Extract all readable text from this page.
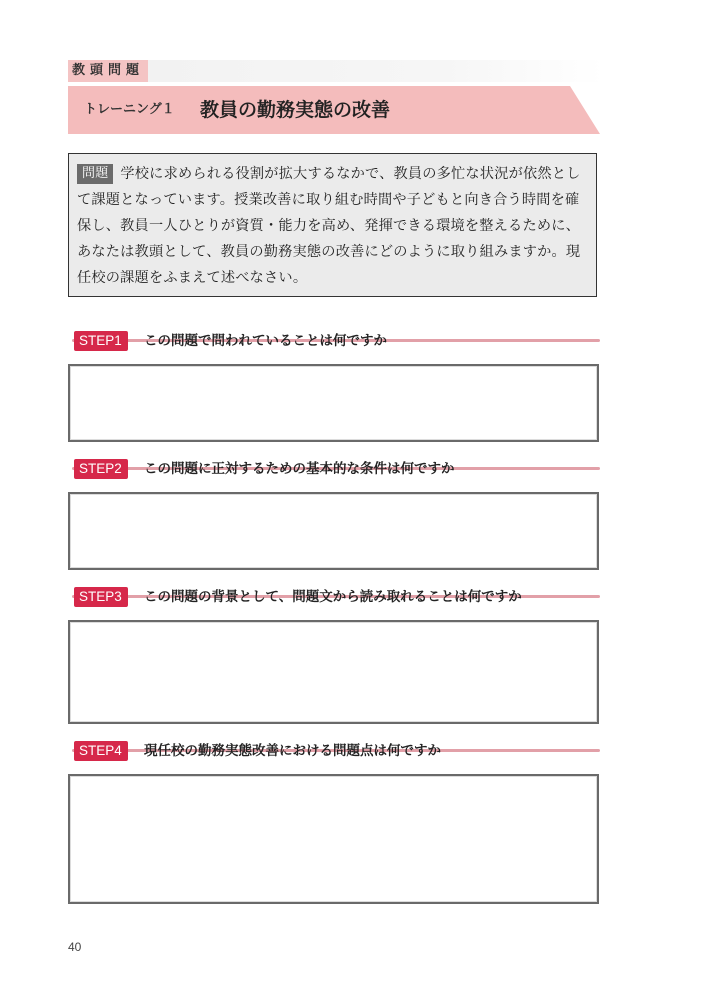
教頭問題
トレーニング１ 教員の勤務実態の改善
問題 学校に求められる役割が拡大するなかで、教員の多忙な状況が依然として課題となっています。授業改善に取り組む時間や子どもと向き合う時間を確保し、教員一人ひとりが資質・能力を高め、発揮できる環境を整えるために、あなたは教頭として、教員の勤務実態の改善にどのように取り組みますか。現任校の課題をふまえて述べなさい。
STEP1	この問題で問われていることは何ですか
STEP2	この問題に正対するための基本的な条件は何ですか
STEP3	この問題の背景として、問題文から読み取れることは何ですか
STEP4	現任校の勤務実態改善における問題点は何ですか
40
